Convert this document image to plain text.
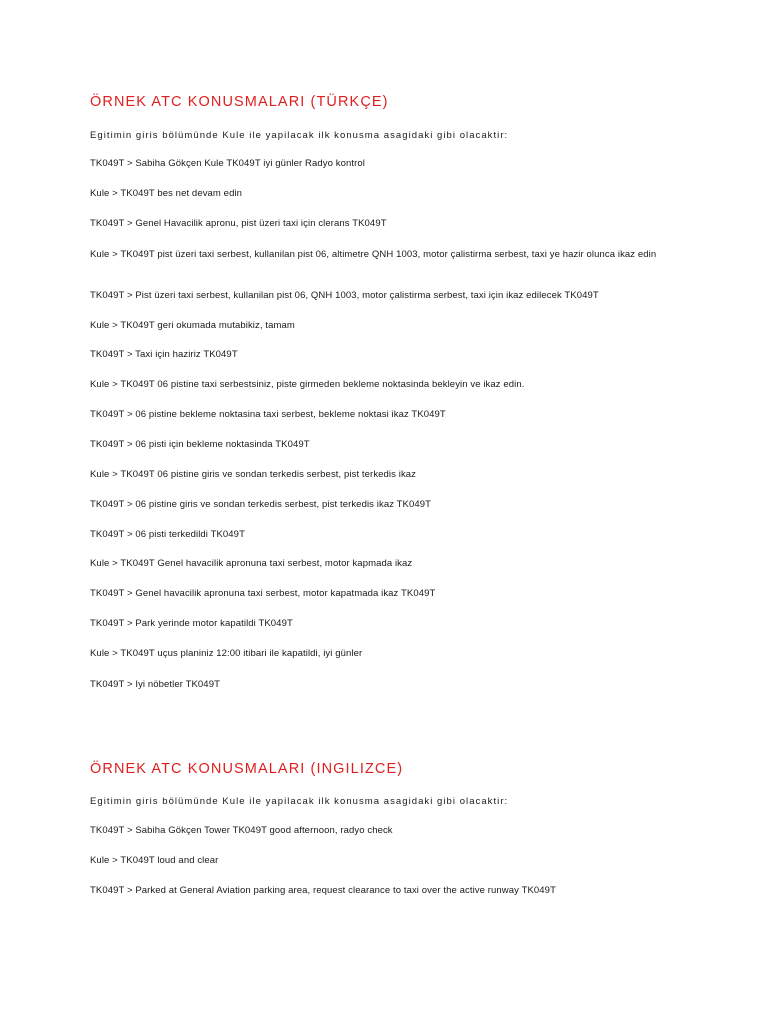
ÖRNEK ATC KONUSMALARI (TÜRKÇE)

Egitimin giris bölümünde Kule ile yapilacak ilk konusma asagidaki gibi olacaktir:

TK049T > Sabiha Gökçen Kule TK049T iyi günler Radyo kontrol

Kule > TK049T bes net devam edin

TK049T > Genel Havacilik apronu, pist üzeri taxi için clerans TK049T

Kule > TK049T pist üzeri taxi serbest, kullanilan pist 06, altimetre QNH 1003, motor çalistirma serbest, taxi ye hazir olunca ikaz edin

TK049T > Pist üzeri taxi serbest, kullanilan pist 06, QNH 1003, motor çalistirma serbest, taxi için ikaz edilecek TK049T

Kule > TK049T geri okumada mutabikiz, tamam

TK049T > Taxi için haziriz TK049T

Kule > TK049T 06 pistine taxi serbestsiniz, piste girmeden bekleme noktasinda bekleyin ve ikaz edin.

TK049T > 06 pistine bekleme noktasina taxi serbest, bekleme noktasi ikaz TK049T

TK049T > 06 pisti için bekleme noktasinda TK049T

Kule > TK049T 06 pistine giris ve sondan terkedis serbest, pist terkedis ikaz

TK049T > 06 pistine giris ve sondan terkedis serbest, pist terkedis ikaz TK049T

TK049T > 06 pisti terkedildi TK049T

Kule > TK049T Genel havacilik apronuna taxi serbest, motor kapmada ikaz

TK049T > Genel havacilik apronuna taxi serbest, motor kapatmada ikaz TK049T

TK049T > Park yerinde motor kapatildi TK049T

Kule > TK049T uçus planiniz 12:00 itibari ile kapatildi, iyi günler

TK049T > Iyi nöbetler TK049T

ÖRNEK ATC KONUSMALARI (INGILIZCE)

Egitimin giris bölümünde Kule ile yapilacak ilk konusma asagidaki gibi olacaktir:

TK049T > Sabiha Gökçen Tower TK049T good afternoon, radyo check

Kule > TK049T loud and clear

TK049T > Parked at General Aviation parking area, request clearance to taxi over the active runway TK049T
